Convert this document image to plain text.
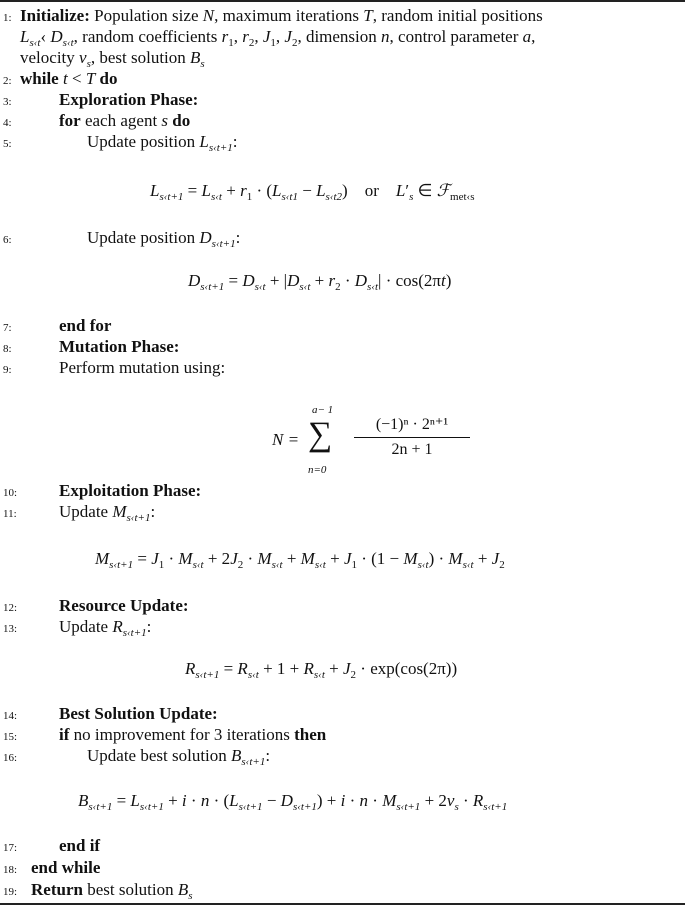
1: Initialize: Population size N, maximum iterations T, random initial positions
$L_{s‹t}‹$ $D_{s‹t}$, random coefficients $r_1$, $r_2$, $J_1$, $J_2$, dimension n, control parameter a,
velocity $v_s$, best solution $B_s$
2: while t < T do
3:	Exploration Phase:
4:	for each agent s do
5:	Update position $L_{s‹t+1}$:
$L_{s‹t+1} = L_{s‹t} + r_1 \cdot (L_{s‹t1} - L_{s‹t2})$    or $L'_s$ ∈ ℱ$_{met‹s}$
6:	Update position $D_{s‹t+1}$:
$D_{s‹t+1} = D_{s‹t} + |D_{s‹t} + r_2 \cdot D_{s‹t}| \cdot \cos(2\pi t)$
7:	end for
8:	Mutation Phase:
9:	Perform mutation using:
N = ∑
a− 1
n=0
(−1)ⁿ · 2ⁿ⁺¹
2n + 1
10:	Exploitation Phase:
11:	Update $M_{s‹t+1}$:
$M_{s‹t+1} = J_1 \cdot M_{s‹t} + 2J_2 \cdot M_{s‹t} + M_{s‹t} + J_1 \cdot (1 - M_{s‹t}) \cdot M_{s‹t} + J_2$
12:	Resource Update:
13:	Update $R_{s‹t+1}$:
$R_{s‹t+1} = R_{s‹t} + 1 + R_{s‹t} + J_2 \cdot \exp(\cos(2\pi))$
14:	Best Solution Update:
15:	if no improvement for 3 iterations then
16:	Update best solution $B_{s‹t+1}$:
$B_{s‹t+1} = L_{s‹t+1} + i \cdot n \cdot (L_{s‹t+1} - D_{s‹t+1}) + i \cdot n \cdot M_{s‹t+1} + 2v_s \cdot R_{s‹t+1}$
17:	end if
18: end while
19: Return best solution $B_s$
